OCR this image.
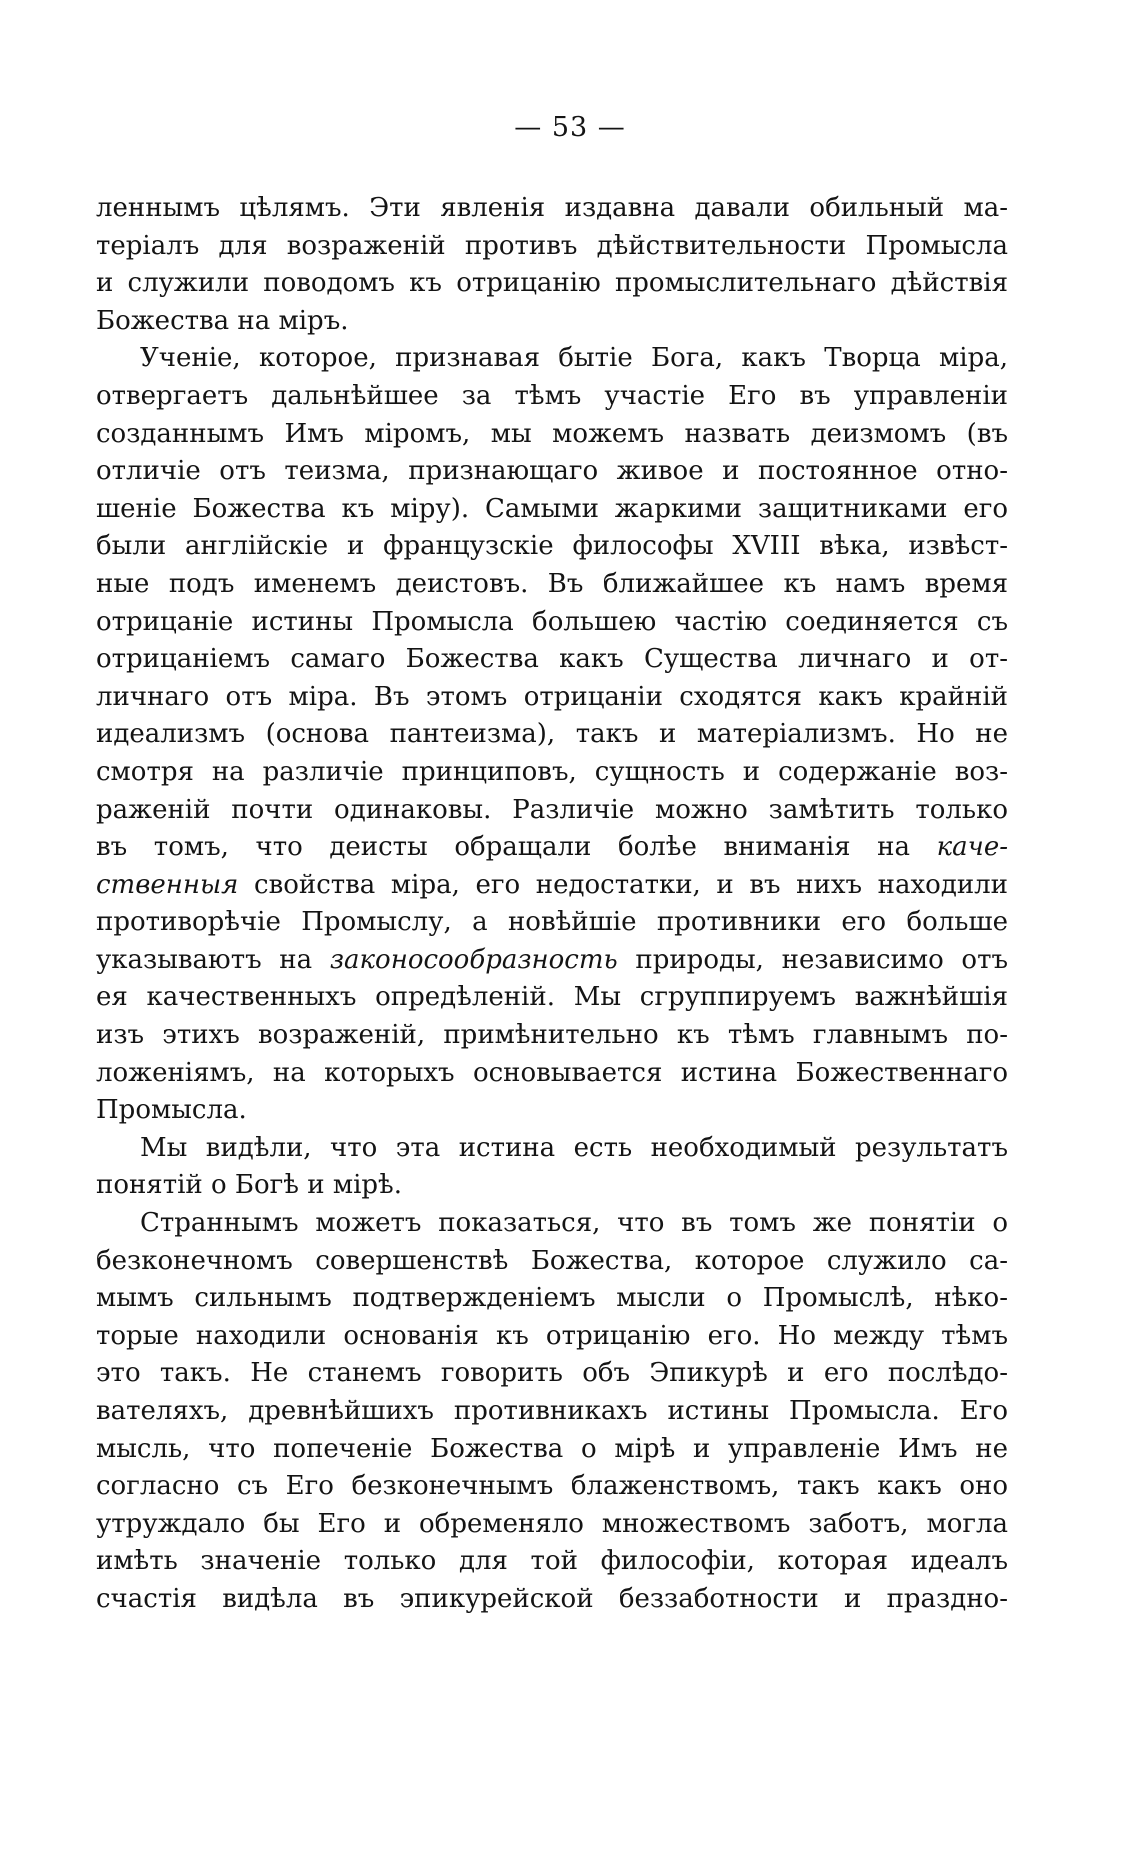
— 53 —
леннымъ цѣлямъ. Эти явленія издавна давали обильный ма-
теріалъ для возраженій противъ дѣйствительности Промысла
и служили поводомъ къ отрицанію промыслительнаго дѣйствія
Божества на міръ.
Ученіе, которое, признавая бытіе Бога, какъ Творца міра,
отвергаетъ дальнѣйшее за тѣмъ участіе Его въ управленіи
созданнымъ Имъ міромъ, мы можемъ назвать деизмомъ (въ
отличіе отъ теизма, признающаго живое и постоянное отно-
шеніе Божества къ міру). Самыми жаркими защитниками его
были англійскіе и французскіе философы XVIII вѣка, извѣст-
ные подъ именемъ деистовъ. Въ ближайшее къ намъ время
отрицаніе истины Промысла большею частію соединяется съ
отрицаніемъ самаго Божества какъ Существа личнаго и от-
личнаго отъ міра. Въ этомъ отрицаніи сходятся какъ крайній
идеализмъ (основа пантеизма), такъ и матеріализмъ. Но не
смотря на различіе принциповъ, сущность и содержаніе воз-
раженій почти одинаковы. Различіе можно замѣтить только
въ томъ, что деисты обращали болѣе вниманія на каче-
ственныя свойства міра, его недостатки, и въ нихъ находили
противорѣчіе Промыслу, а новѣйшіе противники его больше
указываютъ на законосообразность природы, независимо отъ
ея качественныхъ опредѣленій. Мы сгруппируемъ важнѣйшія
изъ этихъ возраженій, примѣнительно къ тѣмъ главнымъ по-
ложеніямъ, на которыхъ основывается истина Божественнаго
Промысла.
Мы видѣли, что эта истина есть необходимый результатъ
понятій о Богѣ и мірѣ.
Страннымъ можетъ показаться, что въ томъ же понятіи о
безконечномъ совершенствѣ Божества, которое служило са-
мымъ сильнымъ подтвержденіемъ мысли о Промыслѣ, нѣко-
торые находили основанія къ отрицанію его. Но между тѣмъ
это такъ. Не станемъ говорить объ Эпикурѣ и его послѣдо-
вателяхъ, древнѣйшихъ противникахъ истины Промысла. Его
мысль, что попеченіе Божества о мірѣ и управленіе Имъ не
согласно съ Его безконечнымъ блаженствомъ, такъ какъ оно
утруждало бы Его и обременяло множествомъ заботъ, могла
имѣть значеніе только для той философіи, которая идеалъ
счастія видѣла въ эпикурейской беззаботности и праздно-
